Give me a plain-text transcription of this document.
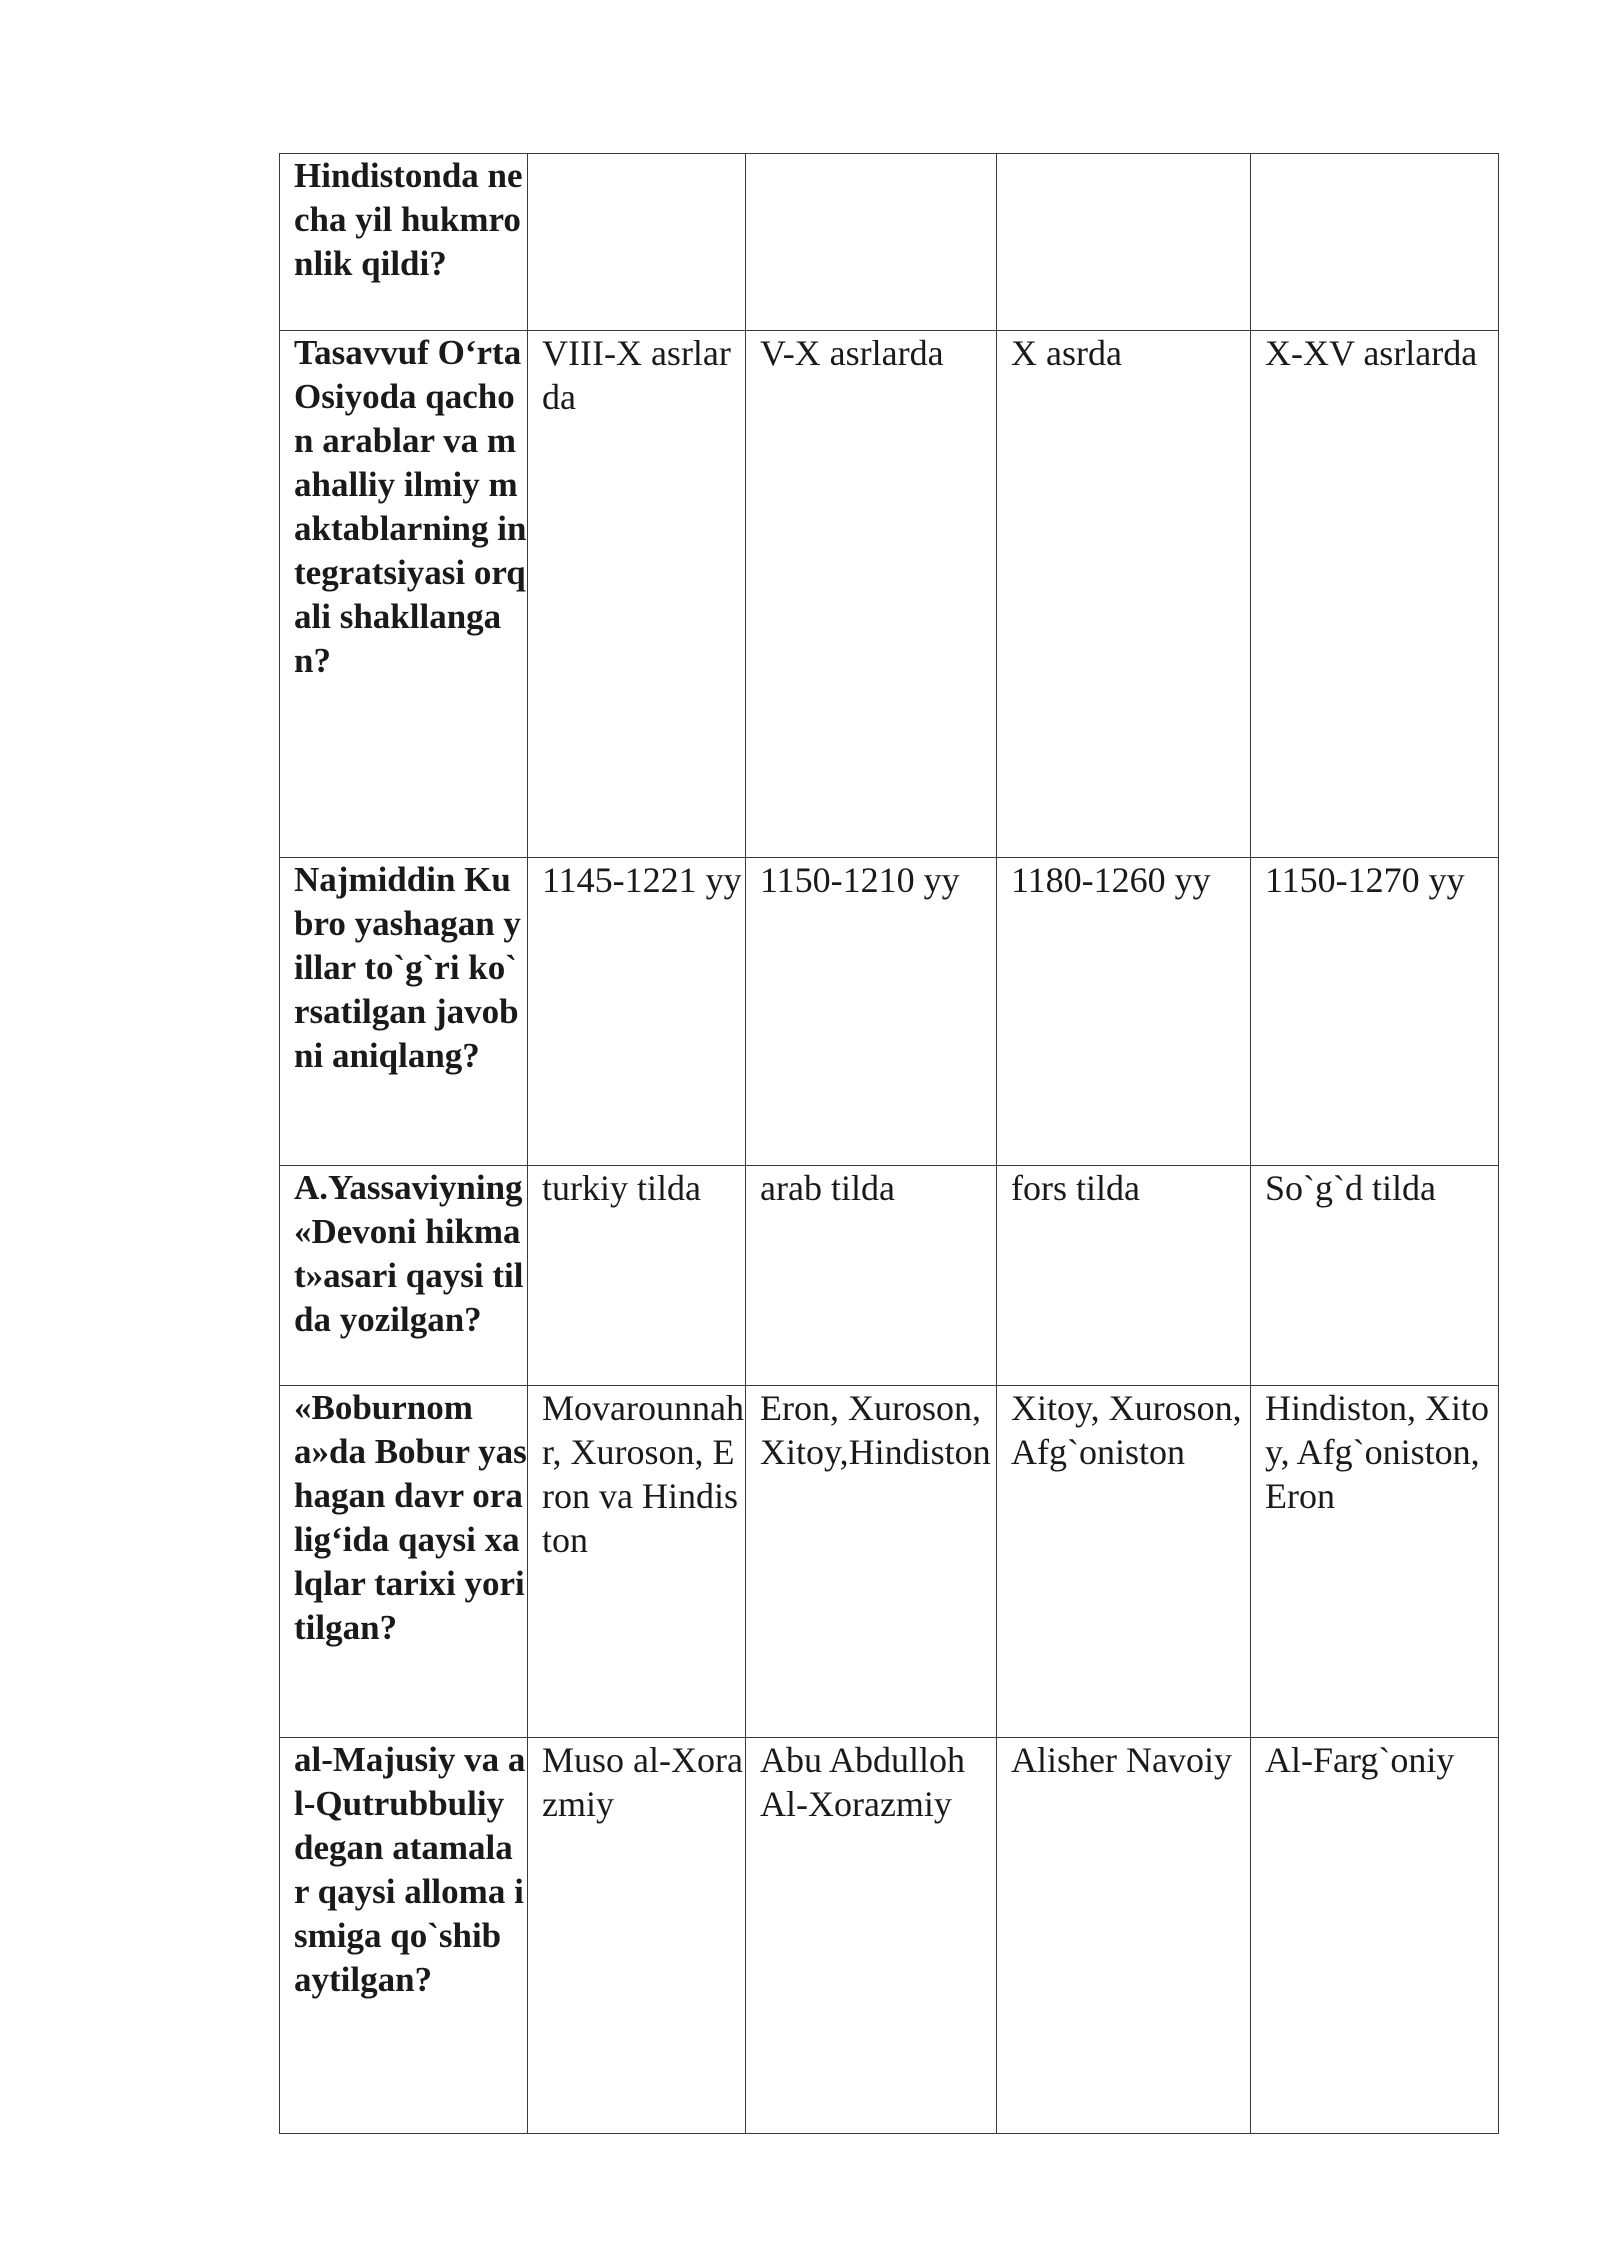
Hindistonda necha yil hukmronlik qildi?				
Tasavvuf O‘rta Osiyoda qachon arablar va mahalliy ilmiy maktablarning integratsiyasi orqali shakllangan?	VIII-X asrlarda	V-X asrlarda	X asrda	X-XV asrlarda
Najmiddin Kubro yashagan yillar to`g`ri ko`rsatilgan javobni aniqlang?	1145-1221 yy	1150-1210 yy	1180-1260 yy	1150-1270 yy
A.Yassaviyning «Devoni hikmat»asari qaysi tilda yozilgan?	turkiy tilda	arab tilda	fors tilda	So`g`d tilda
«Boburnoma»da Bobur yashagan davr oralig‘ida qaysi xalqlar tarixi yoritilgan?	Movarounnahr, Xuroson, Eron va Hindiston	Eron, Xuroson, Xitoy,Hindiston	Xitoy, Xuroson, Afg`oniston	Hindiston, Xitoy, Afg`oniston, Eron
al-Majusiy va al-Qutrubbuliy degan atamalar qaysi alloma ismiga qo`shib aytilgan?	Muso al-Xorazmiy	Abu Abdulloh Al-Xorazmiy	Alisher Navoiy	Al-Farg`oniy
